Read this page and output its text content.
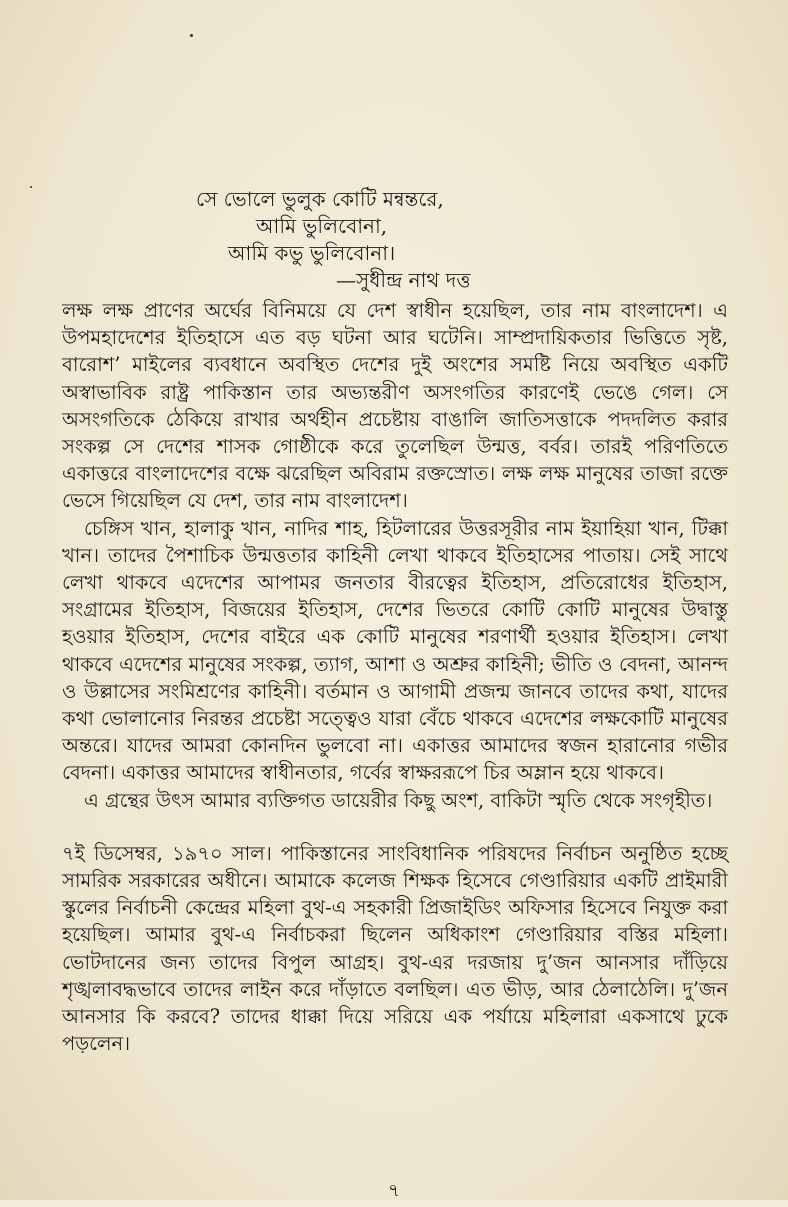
সে ভোলে ভুলুক কোটি মন্বন্তরে,
আমি ভুলিবোনা,
আমি কভু ভুলিবোনা।
—সুধীন্দ্র নাথ দত্ত

লক্ষ লক্ষ প্রাণের অর্ঘের বিনিময়ে যে দেশ স্বাধীন হয়েছিল, তার নাম বাংলাদেশ। এ উপমহাদেশের ইতিহাসে এত বড় ঘটনা আর ঘটেনি। সাম্প্রদায়িকতার ভিত্তিতে সৃষ্ট, বারোশ’ মাইলের ব্যবধানে অবস্থিত দেশের দুই অংশের সমষ্টি নিয়ে অবস্থিত একটি অস্বাভাবিক রাষ্ট্র পাকিস্তান তার অভ্যন্তরীণ অসংগতির কারণেই ভেঙে গেল। সে অসংগতিকে ঠেকিয়ে রাখার অর্থহীন প্রচেষ্টায় বাঙালি জাতিসত্তাকে পদদলিত করার সংকল্প সে দেশের শাসক গোষ্ঠীকে করে তুলেছিল উন্মত্ত, বর্বর। তারই পরিণতিতে একাত্তরে বাংলাদেশের বক্ষে ঝরেছিল অবিরাম রক্তস্রোত। লক্ষ লক্ষ মানুষের তাজা রক্তে ভেসে গিয়েছিল যে দেশ, তার নাম বাংলাদেশ।

চেঙ্গিস খান, হালাকু খান, নাদির শাহ, হিটলারের উত্তরসূরীর নাম ইয়াহিয়া খান, টিক্কা খান। তাদের পৈশাচিক উন্মত্ততার কাহিনী লেখা থাকবে ইতিহাসের পাতায়। সেই সাথে লেখা থাকবে এদেশের আপামর জনতার বীরত্বের ইতিহাস, প্রতিরোধের ইতিহাস, সংগ্রামের ইতিহাস, বিজয়ের ইতিহাস, দেশের ভিতরে কোটি কোটি মানুষের উদ্বাস্তু হওয়ার ইতিহাস, দেশের বাইরে এক কোটি মানুষের শরণার্থী হওয়ার ইতিহাস। লেখা থাকবে এদেশের মানুষের সংকল্প, ত্যাগ, আশা ও অশ্রুর কাহিনী; ভীতি ও বেদনা, আনন্দ ও উল্লাসের সংমিশ্রণের কাহিনী। বর্তমান ও আগামী প্রজন্ম জানবে তাদের কথা, যাদের কথা ভোলানোর নিরন্তর প্রচেষ্টা সত্ত্বেও যারা বেঁচে থাকবে এদেশের লক্ষকোটি মানুষের অন্তরে। যাদের আমরা কোনদিন ভুলবো না। একাত্তর আমাদের স্বজন হারানোর গভীর বেদনা। একাত্তর আমাদের স্বাধীনতার, গর্বের স্বাক্ষররূপে চির অম্লান হয়ে থাকবে।

এ গ্রন্থের উৎস আমার ব্যক্তিগত ডায়েরীর কিছু অংশ, বাকিটা স্মৃতি থেকে সংগৃহীত।

৭ই ডিসেম্বর, ১৯৭০ সাল। পাকিস্তানের সাংবিধানিক পরিষদের নির্বাচন অনুষ্ঠিত হচ্ছে সামরিক সরকারের অধীনে। আমাকে কলেজ শিক্ষক হিসেবে গেণ্ডারিয়ার একটি প্রাইমারী স্কুলের নির্বাচনী কেন্দ্রের মহিলা বুথ-এ সহকারী প্রিজাইডিং অফিসার হিসেবে নিযুক্ত করা হয়েছিল। আমার বুথ-এ নির্বাচকরা ছিলেন অধিকাংশ গেণ্ডারিয়ার বস্তির মহিলা। ভোটদানের জন্য তাদের বিপুল আগ্রহ। বুথ-এর দরজায় দু’জন আনসার দাঁড়িয়ে শৃঙ্খলাবদ্ধভাবে তাদের লাইন করে দাঁড়াতে বলছিল। এত ভীড়, আর ঠেলাঠেলি। দু’জন আনসার কি করবে? তাদের ধাক্কা দিয়ে সরিয়ে এক পর্যায়ে মহিলারা একসাথে ঢুকে পড়লেন।

৭
